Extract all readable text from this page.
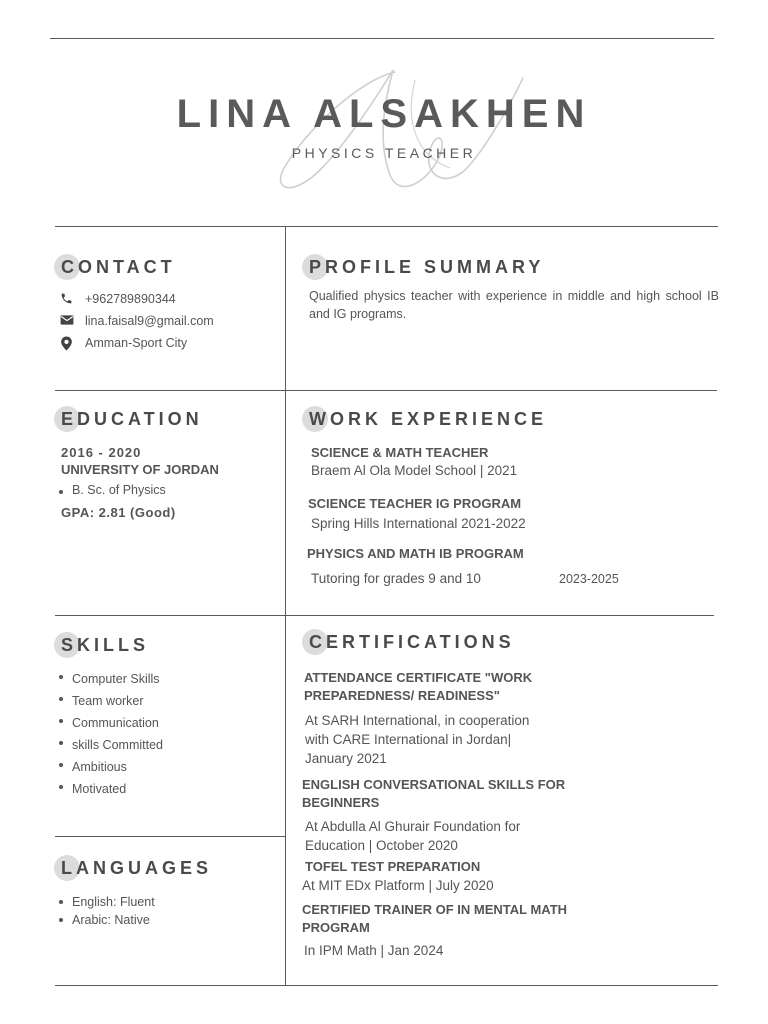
LINA ALSAKHEN
PHYSICS TEACHER
CONTACT
+962789890344
lina.faisal9@gmail.com
Amman-Sport City
PROFILE SUMMARY
Qualified physics teacher with experience in middle and high school IB and IG programs.
EDUCATION
2016 - 2020
UNIVERSITY OF JORDAN
B. Sc. of Physics
GPA: 2.81 (Good)
WORK EXPERIENCE
SCIENCE & MATH TEACHER
Braem Al Ola Model School | 2021
SCIENCE TEACHER IG PROGRAM
Spring Hills International 2021-2022
PHYSICS AND MATH IB PROGRAM
Tutoring for grades 9 and 10	2023-2025
SKILLS
Computer Skills
Team worker
Communication
skills Committed
Ambitious
Motivated
LANGUAGES
English: Fluent
Arabic: Native
CERTIFICATIONS
ATTENDANCE CERTIFICATE "WORK
PREPAREDNESS/ READINESS"
At SARH International, in cooperation
with CARE International in Jordan|
January 2021
ENGLISH CONVERSATIONAL SKILLS FOR
BEGINNERS
At Abdulla Al Ghurair Foundation for
Education | October 2020
TOFEL TEST PREPARATION
At MIT EDx Platform | July 2020
CERTIFIED TRAINER OF IN MENTAL MATH
PROGRAM
In IPM Math | Jan 2024
